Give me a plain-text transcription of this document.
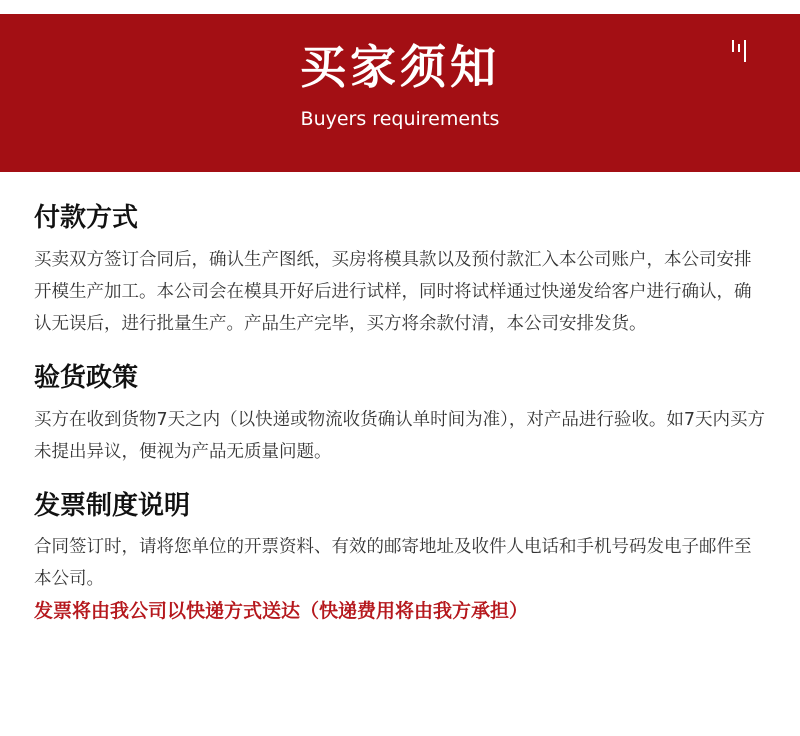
买家须知
Buyers requirements
付款方式

买卖双方签订合同后，确认生产图纸，买房将模具款以及预付款汇入本公司账户，本公司安排开模生产加工。本公司会在模具开好后进行试样，同时将试样通过快递发给客户进行确认，确认无误后，进行批量生产。产品生产完毕，买方将余款付清，本公司安排发货。

验货政策

买方在收到货物7天之内（以快递或物流收货确认单时间为准），对产品进行验收。如7天内买方未提出异议，便视为产品无质量问题。

发票制度说明

合同签订时，请将您单位的开票资料、有效的邮寄地址及收件人电话和手机号码发电子邮件至本公司。

发票将由我公司以快递方式送达（快递费用将由我方承担）
